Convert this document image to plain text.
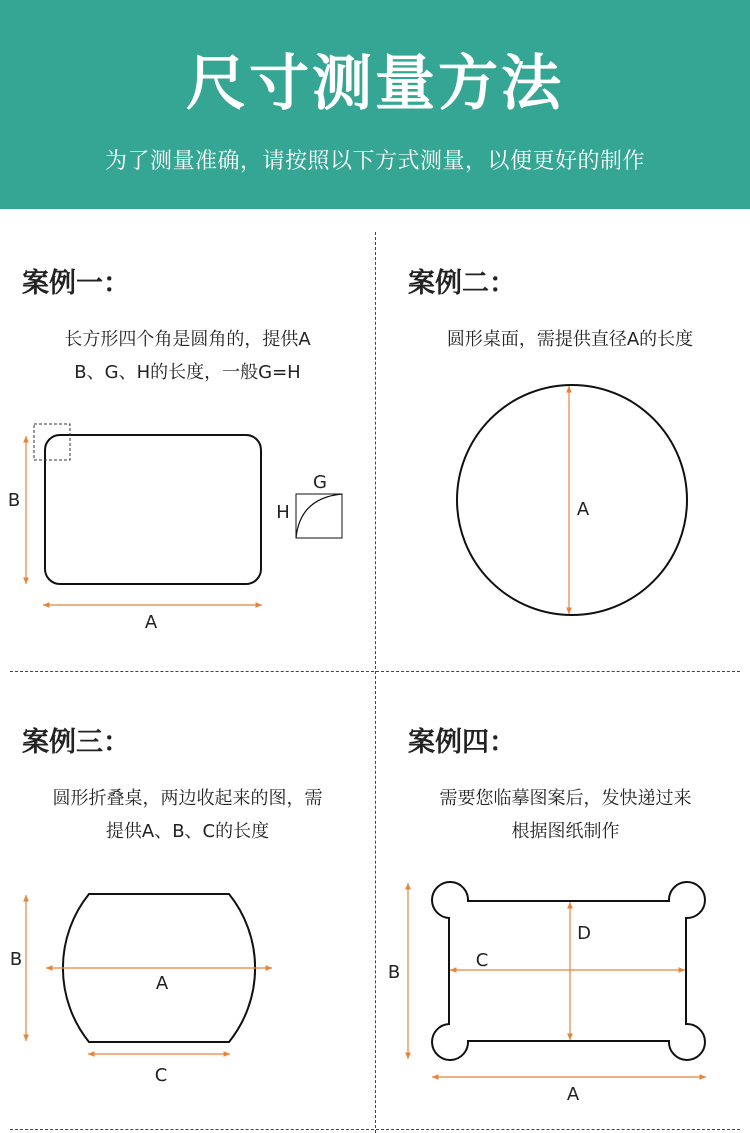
尺寸测量方法
为了测量准确，请按照以下方式测量，以便更好的制作
案例一：
长方形四个角是圆角的，提供A
B、G、H的长度，一般G=H
案例二：
圆形桌面，需提供直径A的长度
案例三：
圆形折叠桌，两边收起来的图，需
提供A、B、C的长度
案例四：
需要您临摹图案后，发快递过来
根据图纸制作
B
A
G
H	A
B
A
C
B
C
D
A
